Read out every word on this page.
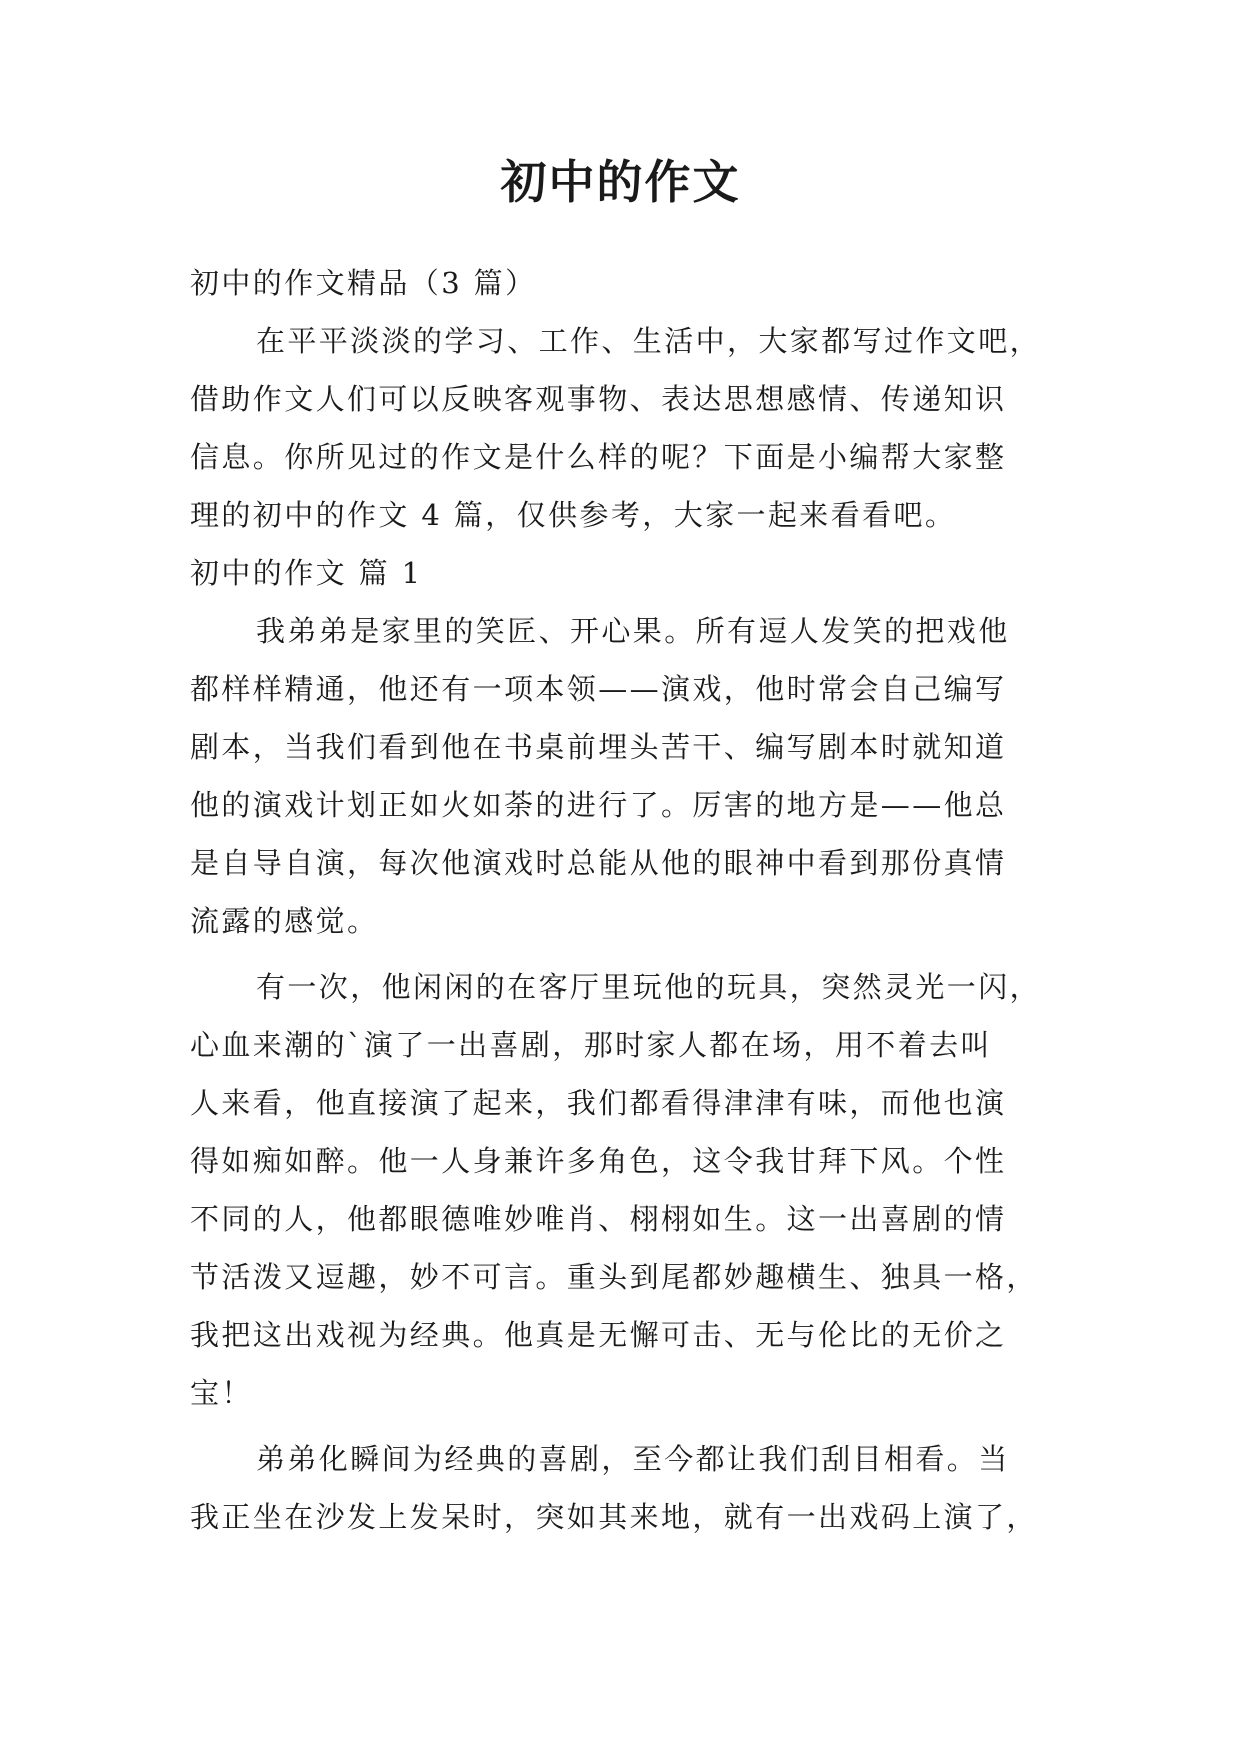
初中的作文
初中的作文精品（3 篇）
在平平淡淡的学习、工作、生活中，大家都写过作文吧，
借助作文人们可以反映客观事物、表达思想感情、传递知识
信息。你所见过的作文是什么样的呢？下面是小编帮大家整
理的初中的作文 4 篇，仅供参考，大家一起来看看吧。
初中的作文 篇 1
我弟弟是家里的笑匠、开心果。所有逗人发笑的把戏他
都样样精通，他还有一项本领——演戏，他时常会自己编写
剧本，当我们看到他在书桌前埋头苦干、编写剧本时就知道
他的演戏计划正如火如荼的进行了。厉害的地方是——他总
是自导自演，每次他演戏时总能从他的眼神中看到那份真情
流露的感觉。
有一次，他闲闲的在客厅里玩他的玩具，突然灵光一闪，
心血来潮的`演了一出喜剧，那时家人都在场，用不着去叫
人来看，他直接演了起来，我们都看得津津有味，而他也演
得如痴如醉。他一人身兼许多角色，这令我甘拜下风。个性
不同的人，他都眼德唯妙唯肖、栩栩如生。这一出喜剧的情
节活泼又逗趣，妙不可言。重头到尾都妙趣横生、独具一格，
我把这出戏视为经典。他真是无懈可击、无与伦比的无价之
宝！
弟弟化瞬间为经典的喜剧，至今都让我们刮目相看。当
我正坐在沙发上发呆时，突如其来地，就有一出戏码上演了，
